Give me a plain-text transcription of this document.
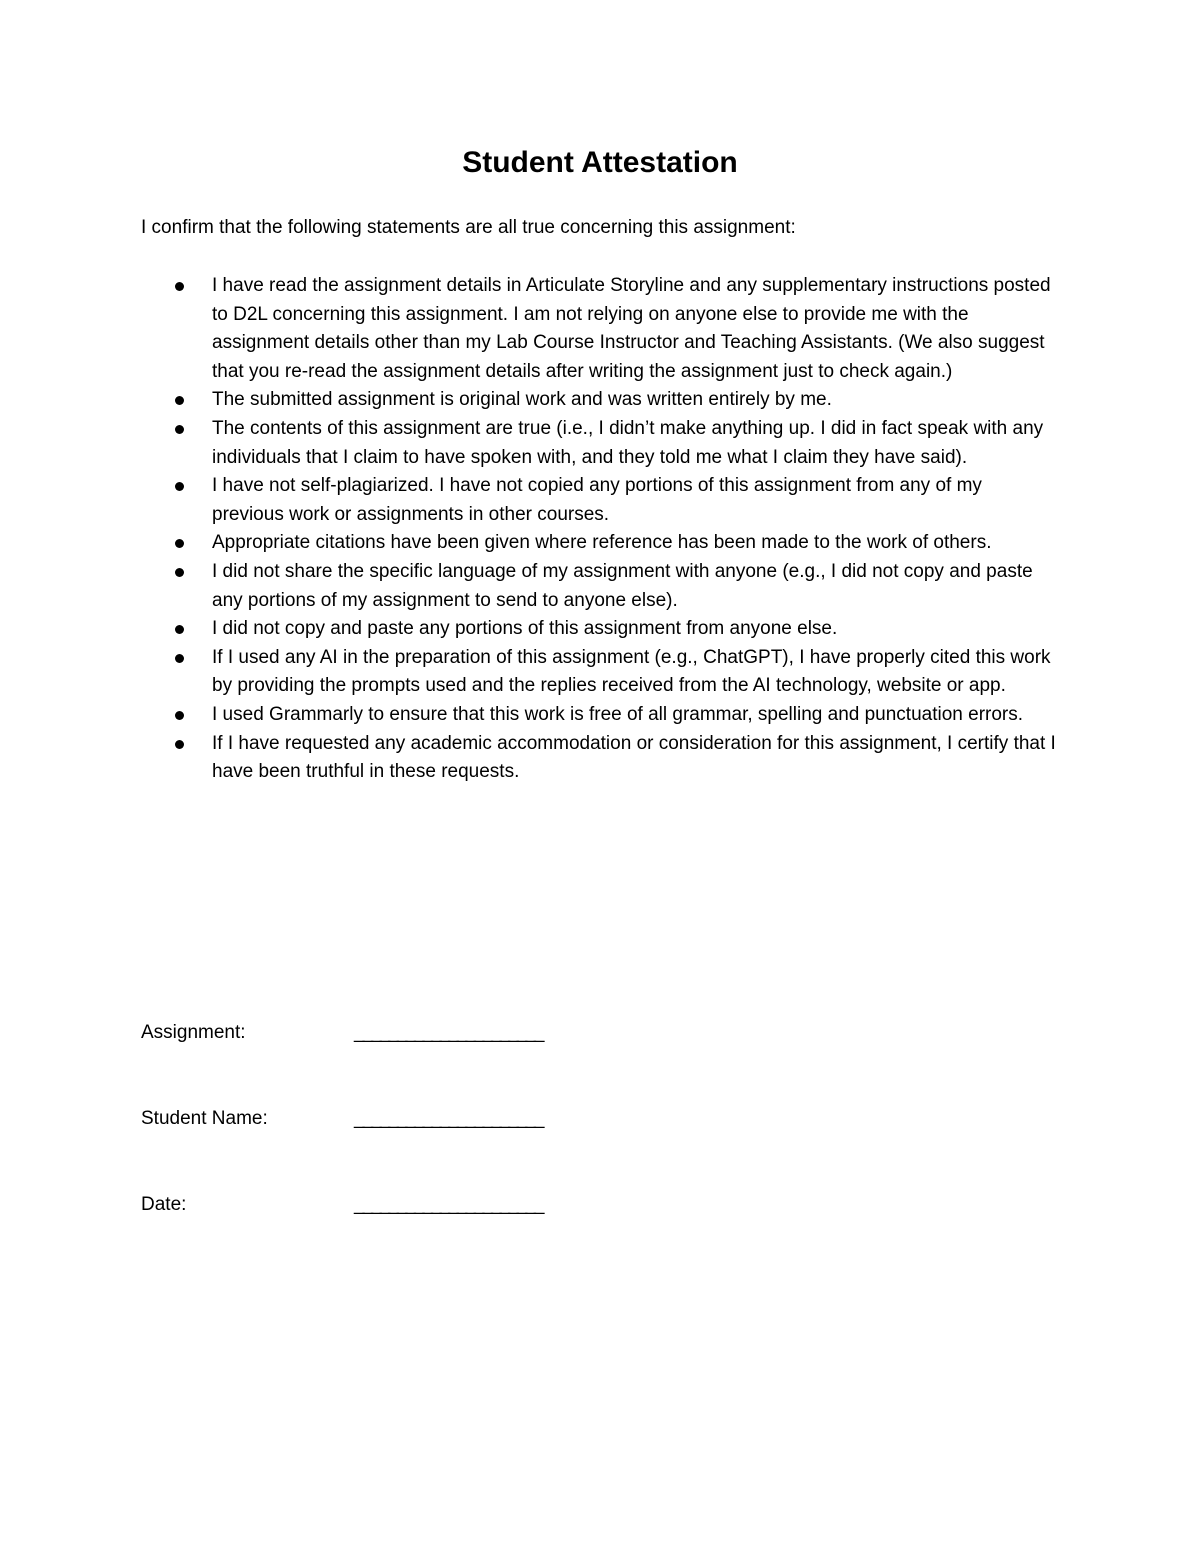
Student Attestation
I confirm that the following statements are all true concerning this assignment:
I have read the assignment details in Articulate Storyline and any supplementary instructions posted to D2L concerning this assignment. I am not relying on anyone else to provide me with the assignment details other than my Lab Course Instructor and Teaching Assistants. (We also suggest that you re-read the assignment details after writing the assignment just to check again.)
The submitted assignment is original work and was written entirely by me.
The contents of this assignment are true (i.e., I didn’t make anything up. I did in fact speak with any individuals that I claim to have spoken with, and they told me what I claim they have said).
I have not self-plagiarized. I have not copied any portions of this assignment from any of my previous work or assignments in other courses.
Appropriate citations have been given where reference has been made to the work of others.
I did not share the specific language of my assignment with anyone (e.g., I did not copy and paste any portions of my assignment to send to anyone else).
I did not copy and paste any portions of this assignment from anyone else.
If I used any AI in the preparation of this assignment (e.g., ChatGPT), I have properly cited this work by providing the prompts used and the replies received from the AI technology, website or app.
I used Grammarly to ensure that this work is free of all grammar, spelling and punctuation errors.
If I have requested any academic accommodation or consideration for this assignment, I certify that I have been truthful in these requests.
Assignment:	______________________
Student Name:	______________________
Date:	______________________
